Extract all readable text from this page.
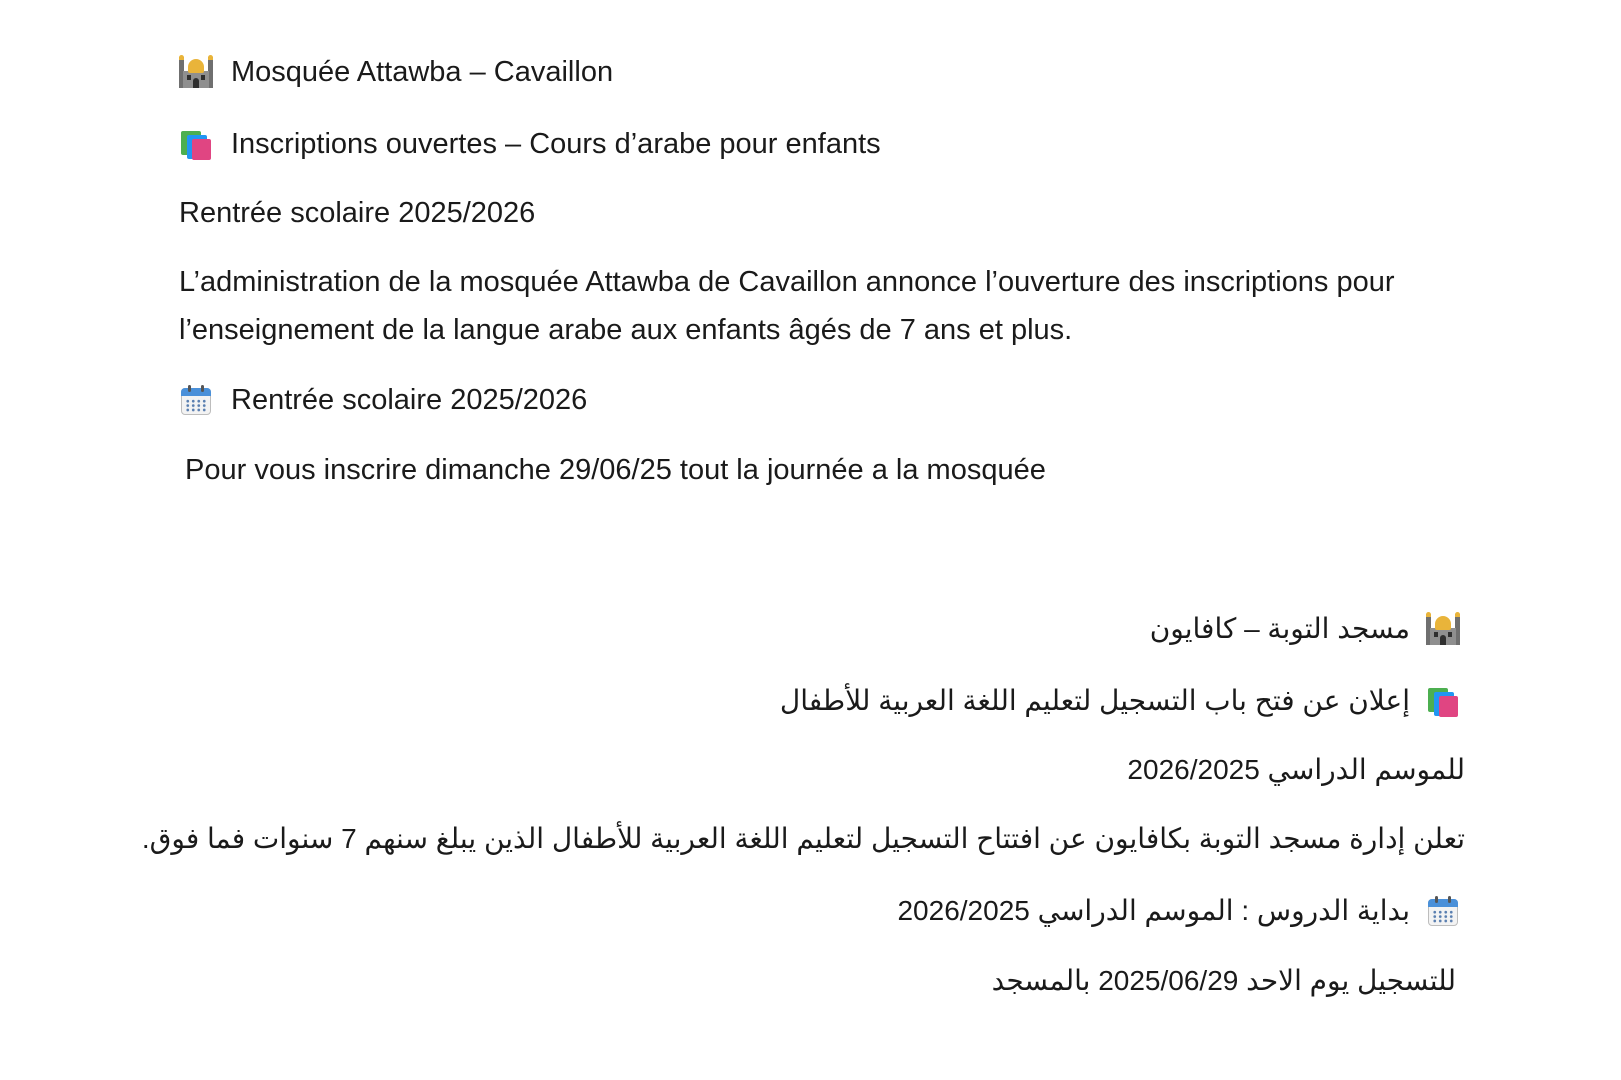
Mosquée Attawba – Cavaillon
Inscriptions ouvertes – Cours d’arabe pour enfants
Rentrée scolaire 2025/2026
L’administration de la mosquée Attawba de Cavaillon annonce l’ouverture des inscriptions pour l’enseignement de la langue arabe aux enfants âgés de 7 ans et plus.
Rentrée scolaire 2025/2026
Pour vous inscrire dimanche 29/06/25 tout la journée a la mosquée
مسجد التوبة – كافايون
إعلان عن فتح باب التسجيل لتعليم اللغة العربية للأطفال
للموسم الدراسي 2026/2025
تعلن إدارة مسجد التوبة بكافايون عن افتتاح التسجيل لتعليم اللغة العربية للأطفال الذين يبلغ سنهم 7 سنوات فما فوق.
بداية الدروس : الموسم الدراسي 2026/2025
للتسجيل يوم الاحد 2025/06/29 بالمسجد
